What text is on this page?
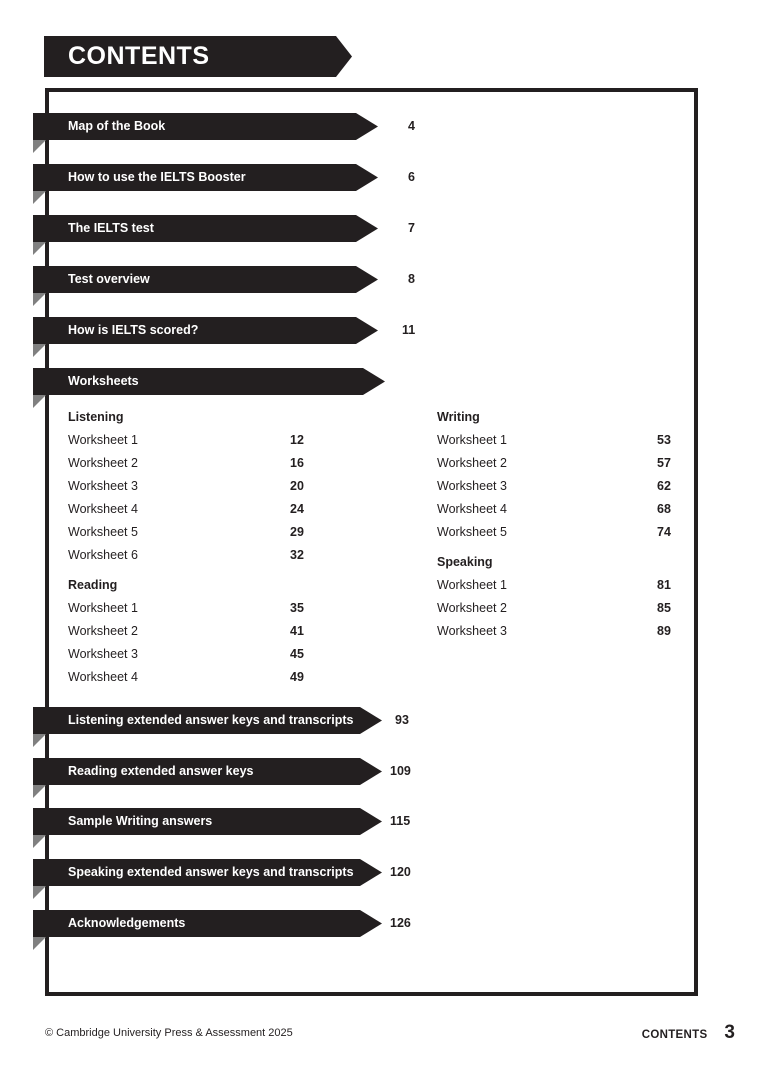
CONTENTS
Map of the Book	4
How to use the IELTS Booster	6
The IELTS test	7
Test overview	8
How is IELTS scored?	11
Worksheets
Listening
Worksheet 1	12
Worksheet 2	16
Worksheet 3	20
Worksheet 4	24
Worksheet 5	29
Worksheet 6	32
Reading
Worksheet 1	35
Worksheet 2	41
Worksheet 3	45
Worksheet 4	49
Writing
Worksheet 1	53
Worksheet 2	57
Worksheet 3	62
Worksheet 4	68
Worksheet 5	74
Speaking
Worksheet 1	81
Worksheet 2	85
Worksheet 3	89
Listening extended answer keys and transcripts	93
Reading extended answer keys	109
Sample Writing answers	115
Speaking extended answer keys and transcripts	120
Acknowledgements	126
© Cambridge University Press & Assessment 2025	CONTENTS 3
